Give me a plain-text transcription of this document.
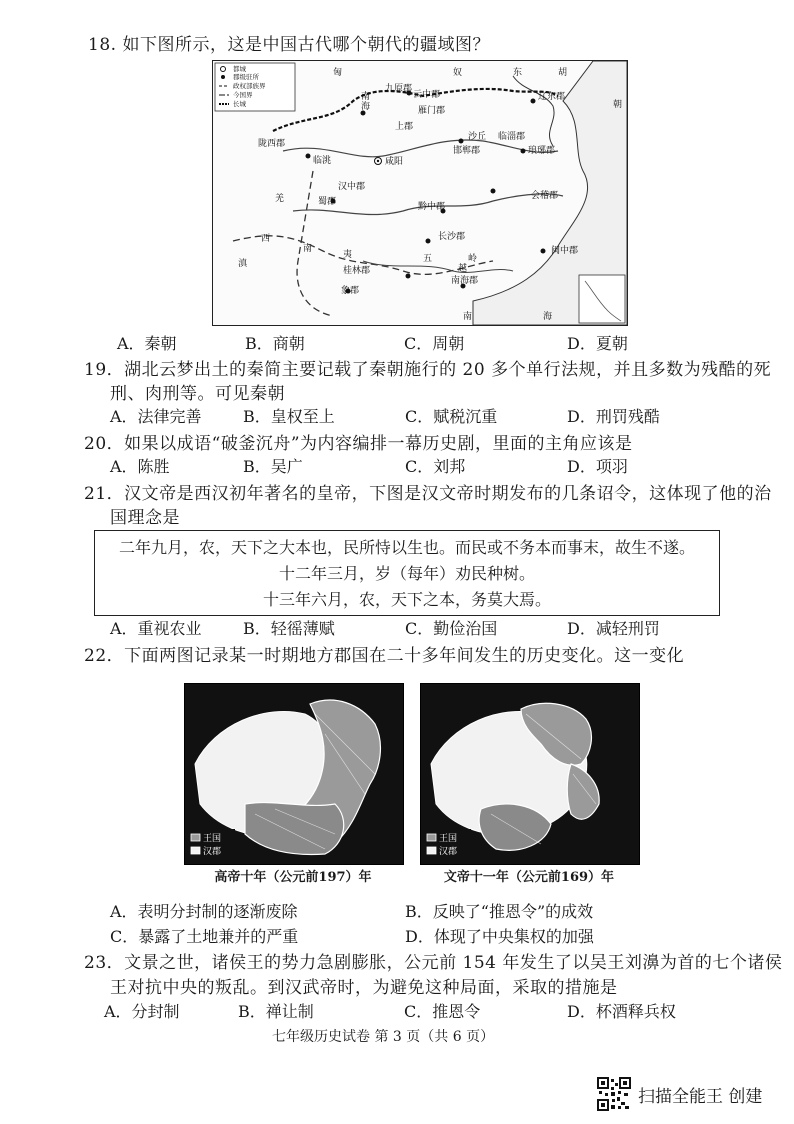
18. 如下图所示，这是中国古代哪个朝代的疆域图？
都城
郡级驻所
政权部族界
今国界
长城
匈	奴	东	胡
九原郡
云中郡
雁门郡
辽东郡
朝
陇西郡
南
海
上郡
沙丘 临淄郡
临洮	咸阳
邯郸郡	琅琊郡
汉中郡
羌	蜀郡
会稽郡
西
南
夷
黔中郡
长沙郡
闽中郡
滇	五	岭
桂林郡
南海郡
越
象郡
南	海
A．秦朝	B．商朝	C．周朝	D．夏朝
19．湖北云梦出土的秦简主要记载了秦朝施行的 20 多个单行法规，并且多数为残酷的死
刑、肉刑等。可见秦朝
A．法律完善	B．皇权至上	C．赋税沉重	D．刑罚残酷
20．如果以成语“破釜沉舟”为内容编排一幕历史剧，里面的主角应该是
A．陈胜	B．吴广	C．刘邦	D．项羽
21．汉文帝是西汉初年著名的皇帝，下图是汉文帝时期发布的几条诏令，这体现了他的治
国理念是
二年九月，农，天下之大本也，民所恃以生也。而民或不务本而事末，故生不遂。
十二年三月，岁（每年）劝民种树。
十三年六月，农，天下之本，务莫大焉。
A．重视农业	B．轻徭薄赋	C．勤俭治国	D．减轻刑罚
22．下面两图记录某一时期地方郡国在二十多年间发生的历史变化。这一变化
王国
汉郡
高帝十年（公元前197）年
王国
汉郡
文帝十一年（公元前169）年
A．表明分封制的逐渐废除	B．反映了“推恩令”的成效
C．暴露了土地兼并的严重	D．体现了中央集权的加强
23．文景之世，诸侯王的势力急剧膨胀，公元前 154 年发生了以吴王刘濞为首的七个诸侯
王对抗中央的叛乱。到汉武帝时，为避免这种局面，采取的措施是
A．分封制	B．禅让制	C．推恩令	D．杯酒释兵权
七年级历史试卷 第 3 页（共 6 页）
扫描全能王 创建
